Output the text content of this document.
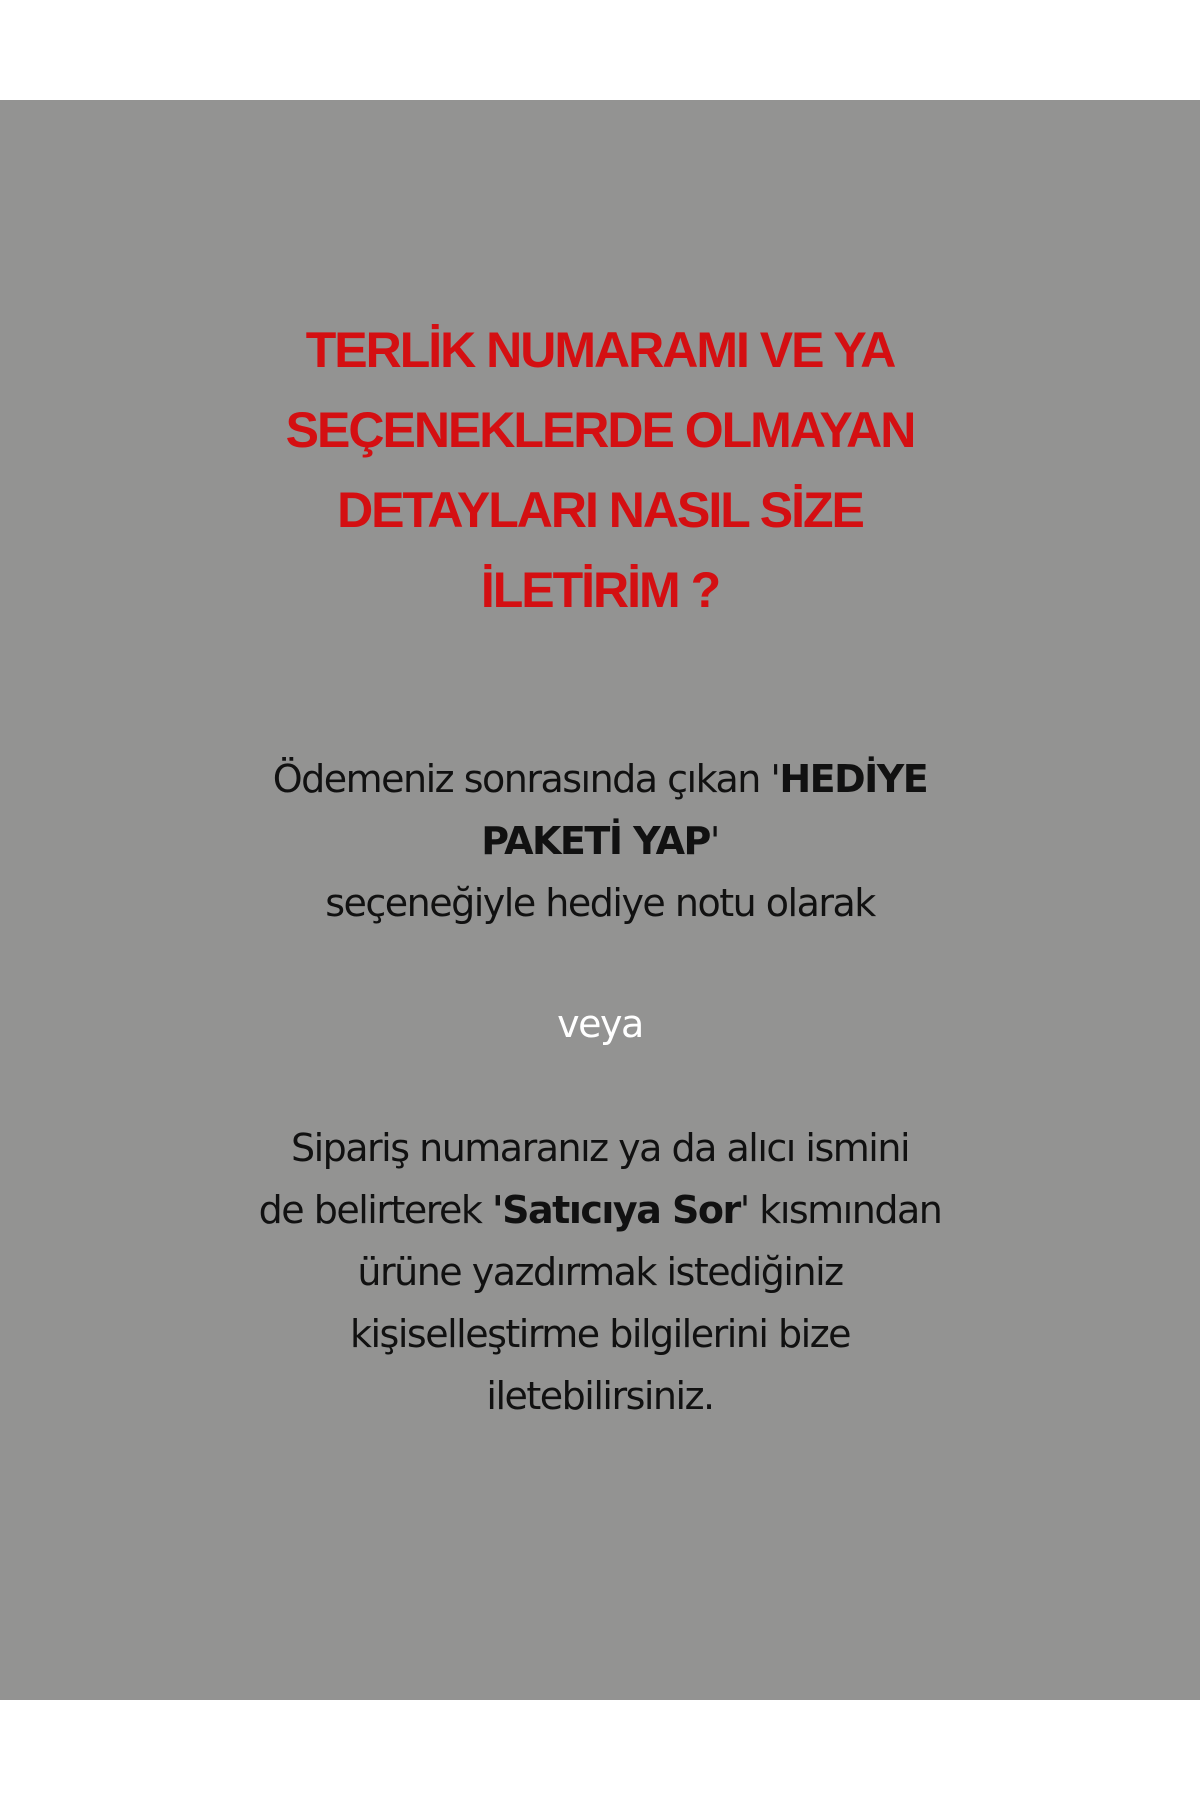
TERLİK NUMARAMI VE YA
SEÇENEKLERDE OLMAYAN
DETAYLARI NASIL SİZE
İLETİRİM ?

Ödemeniz sonrasında çıkan 'HEDİYE
PAKETİ YAP'
seçeneğiyle hediye notu olarak

veya

Sipariş numaranız ya da alıcı ismini
de belirterek 'Satıcıya Sor' kısmından
ürüne yazdırmak istediğiniz
kişiselleştirme bilgilerini bize
iletebilirsiniz.
